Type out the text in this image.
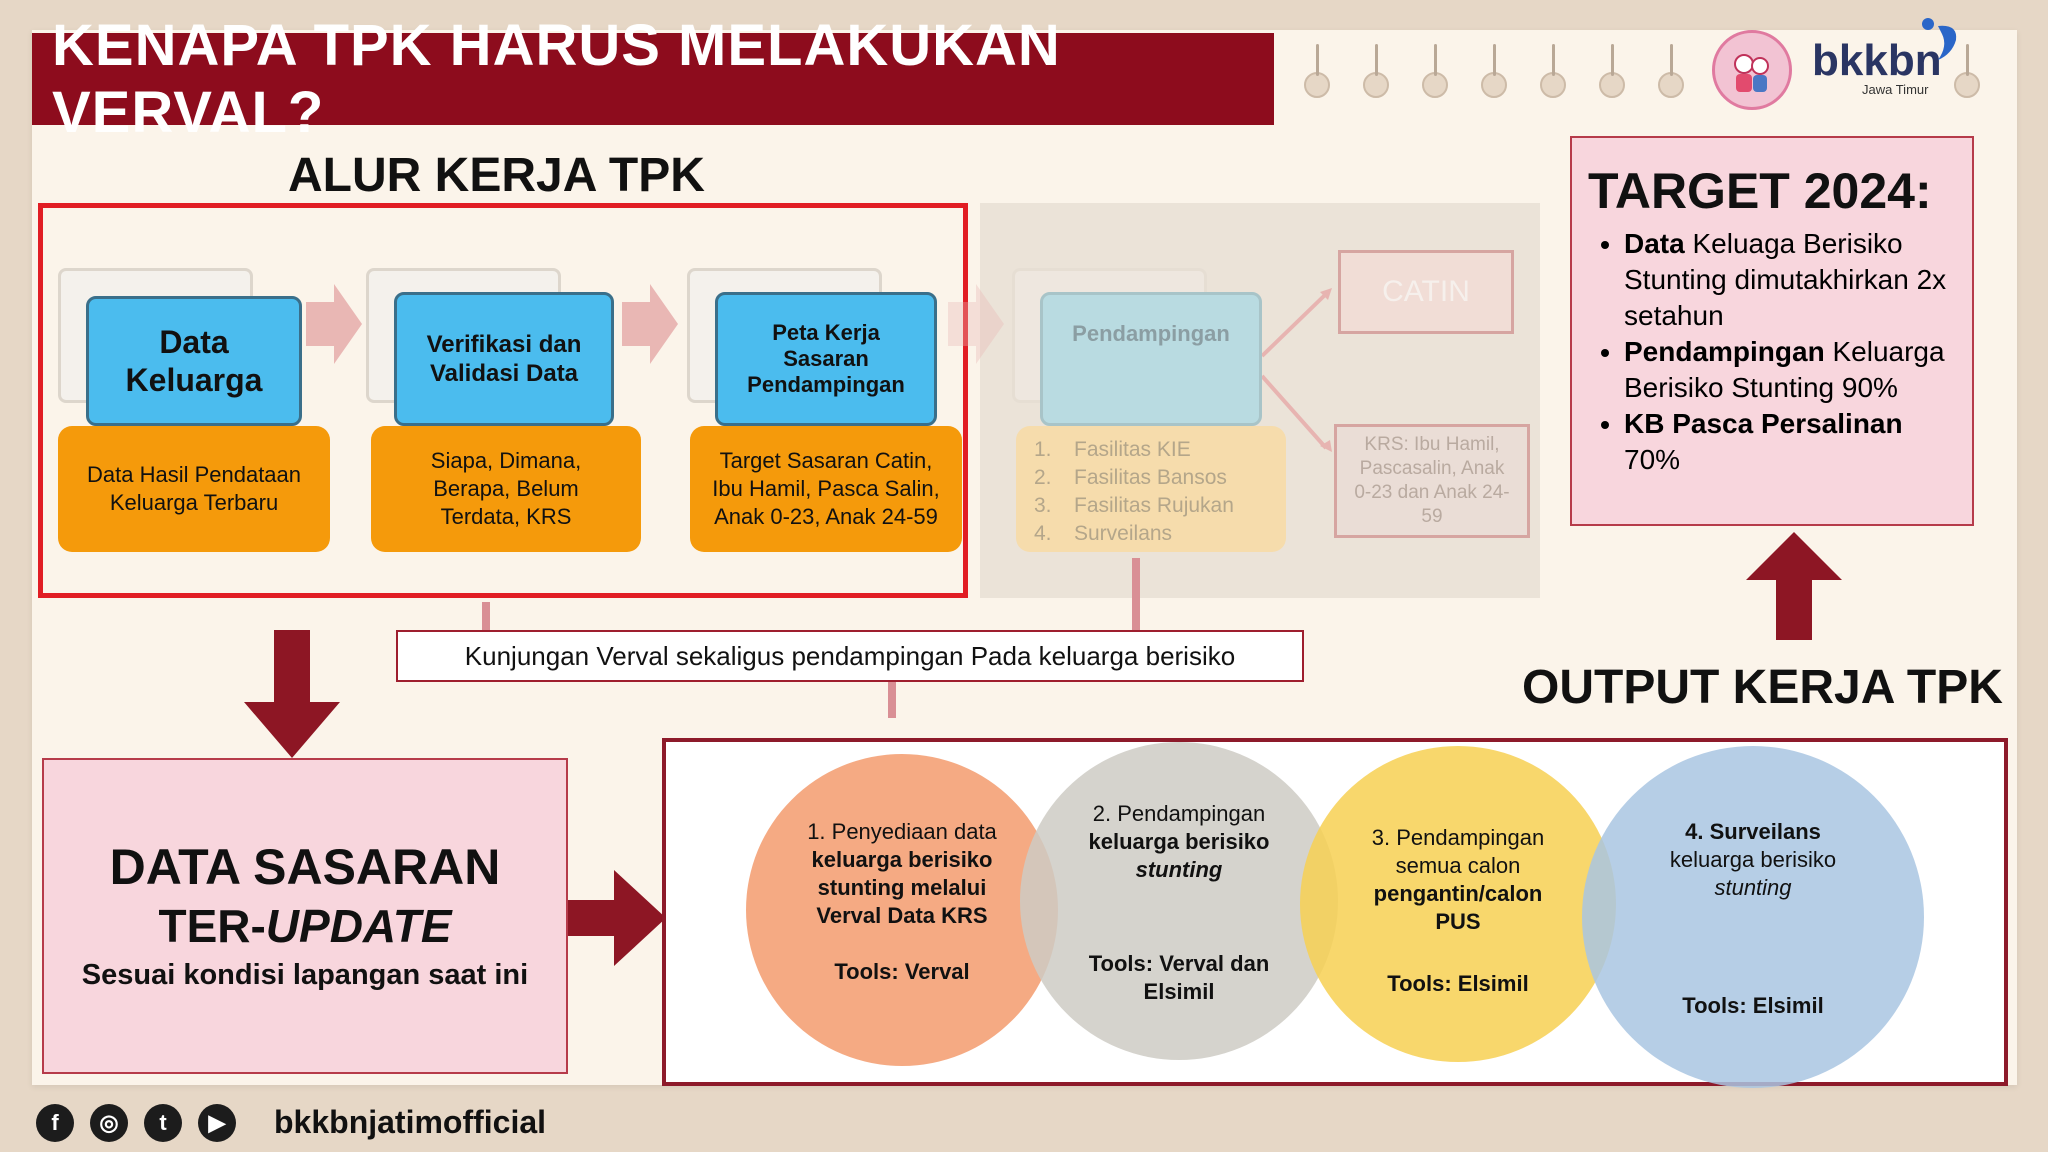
KENAPA TPK HARUS MELAKUKAN VERVAL?
bkkbn
Jawa Timur
ALUR KERJA TPK
Data Keluarga
Data Hasil Pendataan Keluarga Terbaru
Verifikasi dan Validasi Data
Siapa, Dimana, Berapa, Belum Terdata, KRS
Peta Kerja Sasaran Pendampingan
Target Sasaran Catin, Ibu Hamil, Pasca Salin, Anak 0-23, Anak 24-59
Pendampingan
1. Fasilitas KIE
2. Fasilitas Bansos
3. Fasilitas Rujukan
4. Surveilans
CATIN
KRS: Ibu Hamil, Pascasalin, Anak 0-23 dan Anak 24-59
Kunjungan Verval sekaligus pendampingan Pada keluarga berisiko
DATA SASARAN
TER-UPDATE
Sesuai kondisi lapangan saat ini
OUTPUT KERJA TPK
1. Penyediaan data
keluarga berisiko stunting melalui Verval Data KRS
Tools: Verval
2. Pendampingan
keluarga berisiko
stunting
Tools: Verval dan Elsimil
3. Pendampingan semua calon
pengantin/calon PUS
Tools: Elsimil
4. Surveilans
keluarga berisiko
stunting
Tools: Elsimil
TARGET 2024:
• Data Keluaga Berisiko Stunting dimutakhirkan 2x setahun
• Pendampingan Keluarga Berisiko Stunting 90%
• KB Pasca Persalinan 70%
f	◎	t	▶	bkkbnjatimofficial
